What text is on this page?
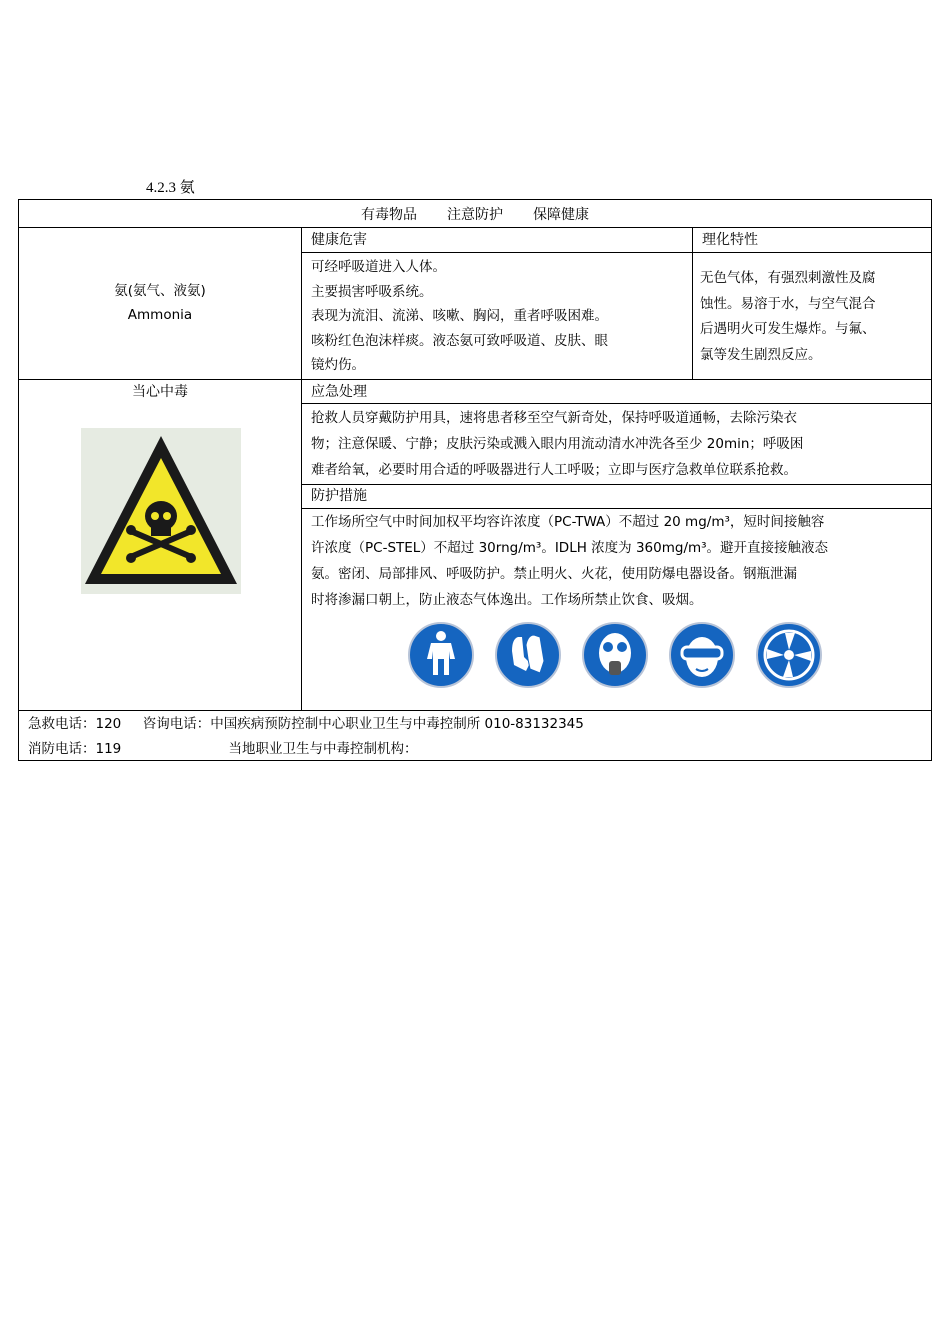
4.2.3 氨
有毒物品 注意防护 保障健康
氨(氨气、液氨)
Ammonia
健康危害
可经呼吸道进入人体。
主要损害呼吸系统。
表现为流泪、流涕、咳嗽、胸闷，重者呼吸困难。
咳粉红色泡沫样痰。液态氨可致呼吸道、皮肤、眼
镜灼伤。
理化特性
无色气体，有强烈刺激性及腐
蚀性。易溶于水，与空气混合
后遇明火可发生爆炸。与氟、
氯等发生剧烈反应。
当心中毒	应急处理
抢救人员穿戴防护用具，速将患者移至空气新奇处，保持呼吸道通畅，去除污染衣
物；注意保暖、宁静；皮肤污染或溅入眼内用流动清水冲洗各至少 20min；呼吸困
难者给氧，必要时用合适的呼吸器进行人工呼吸；立即与医疗急救单位联系抢救。
防护措施
工作场所空气中时间加权平均容许浓度（PC-TWA）不超过 20 mg/m³，短时间接触容
许浓度（PC-STEL）不超过 30rng/m³。IDLH 浓度为 360mg/m³。避开直接接触液态
氨。密闭、局部排风、呼吸防护。禁止明火、火花，使用防爆电器设备。钢瓶泄漏
时将渗漏口朝上，防止液态气体逸出。工作场所禁止饮食、吸烟。
急救电话：120     咨询电话：中国疾病预防控制中心职业卫生与中毒控制所 010-83132345
消防电话：119                         当地职业卫生与中毒控制机构：
